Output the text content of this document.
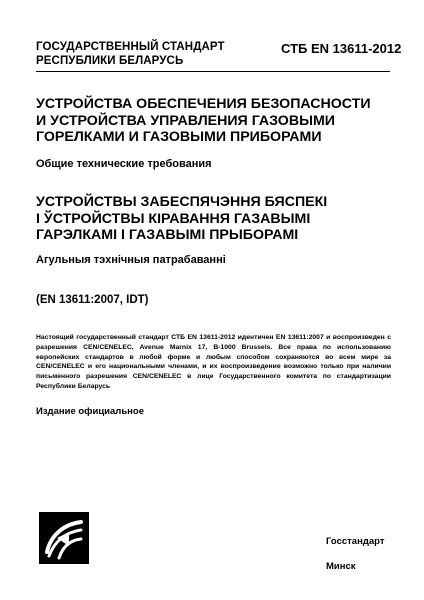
ГОСУДАРСТВЕННЫЙ СТАНДАРТ
РЕСПУБЛИКИ БЕЛАРУСЬ
СТБ EN 13611-2012
УСТРОЙСТВА ОБЕСПЕЧЕНИЯ БЕЗОПАСНОСТИ
И УСТРОЙСТВА УПРАВЛЕНИЯ ГАЗОВЫМИ
ГОРЕЛКАМИ И ГАЗОВЫМИ ПРИБОРАМИ
Общие технические требования
УСТРОЙСТВЫ ЗАБЕСПЯЧЭННЯ БЯСПЕКІ
І ЎСТРОЙСТВЫ КІРАВАННЯ ГАЗАВЫМІ
ГАРЭЛКАМІ І ГАЗАВЫМІ ПРЫБОРАМІ
Агульныя тэхнічныя патрабаванні
(EN 13611:2007, IDT)

Настоящий государственный стандарт СТБ EN 13611-2012 идентичен EN 13611:2007 и воспроизведен с разрешения CEN/CENELEC, Avenue Marnix 17, B-1000 Brussels. Все права по использованию европейских стандартов в любой форме и любым способом сохраняются во всем мире за CEN/CENELEC и его национальными членами, и их воспроизведение возможно только при наличии письменного разрешения CEN/CENELEC в лице Государственного комитета по стандартизации Республики Беларусь

Издание официальное
Госстандарт
Минск
